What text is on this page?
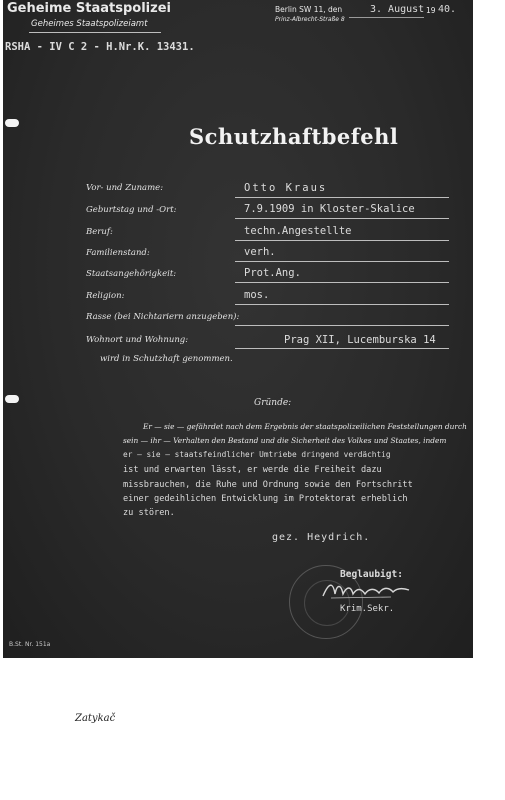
Geheime Staatspolizei
Geheimes Staatspolizeiamt
RSHA - IV C 2 - H.Nr.K. 13431.
Berlin SW 11, den
Prinz-Albrecht-Straße 8
3. August 19 40.
Schutzhaftbefehl
Vor- und Zuname:
Geburtstag und -Ort:
Beruf:
Familienstand:
Staatsangehörigkeit:
Religion:
Rasse (bei Nichtariern anzugeben):
Wohnort und Wohnung:
Otto Kraus
7.9.1909 in Kloster-Skalice
techn.Angestellte
verh.
Prot.Ang.
mos.
Prag XII, Lucemburska 14
wird in Schutzhaft genommen.
Gründe:
Er — sie — gefährdet nach dem Ergebnis der staatspolizeilichen Feststellungen durch
sein — ihr — Verhalten den Bestand und die Sicherheit des Volkes und Staates, indem
er — sie — staatsfeindlicher Umtriebe dringend verdächtig
ist und erwarten lässt, er werde die Freiheit dazu
missbrauchen, die Ruhe und Ordnung sowie den Fortschritt
einer gedeihlichen Entwicklung im Protektorat erheblich
zu stören.
gez. Heydrich.
Beglaubigt:
Krim.Sekr.
B.St. Nr. 151a
Zatykač
